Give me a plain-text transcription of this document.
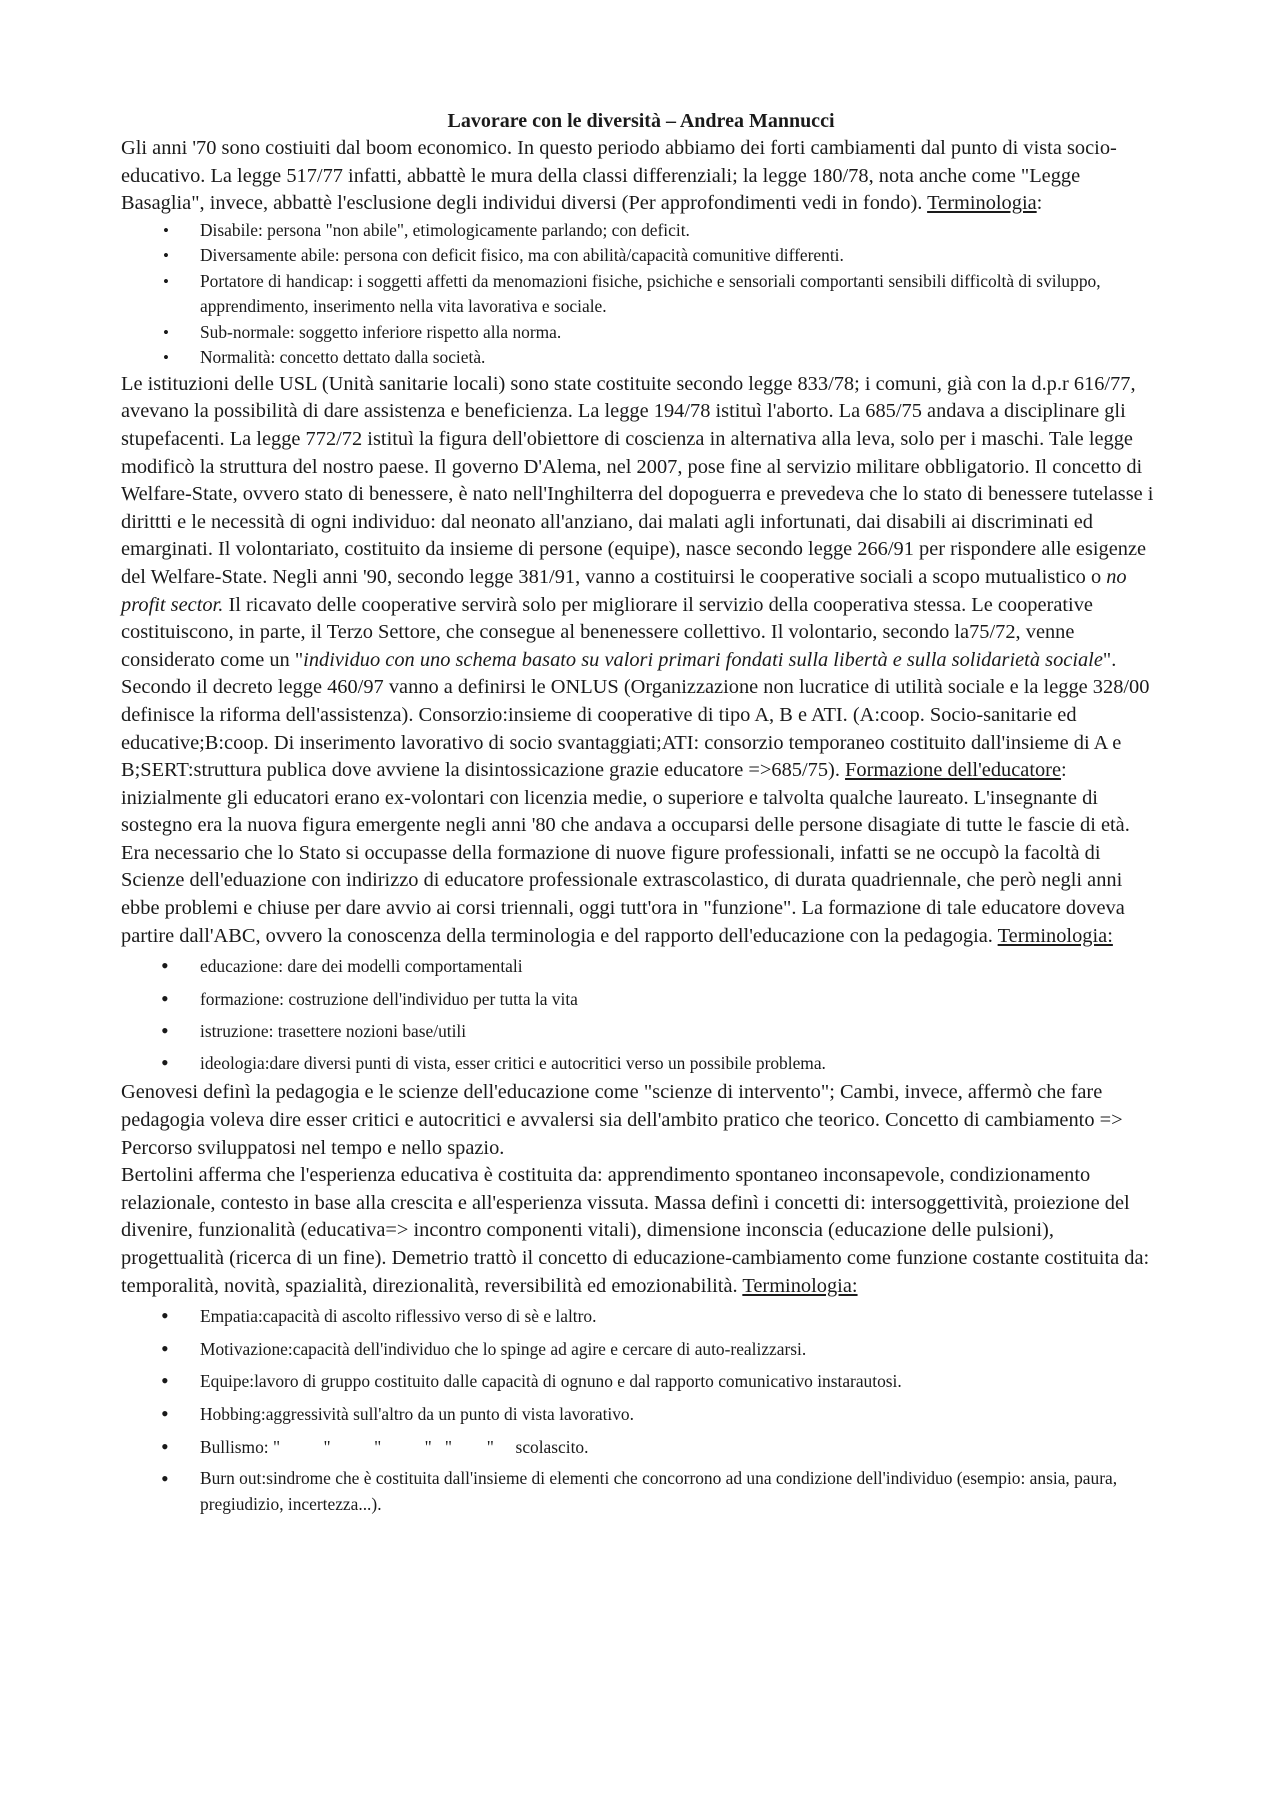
Lavorare con le diversità – Andrea Mannucci

Gli anni '70 sono costiuiti dal boom economico. In questo periodo abbiamo dei forti cambiamenti dal punto di vista socio-educativo. La legge 517/77 infatti, abbattè le mura della classi differenziali; la legge 180/78, nota anche come "Legge Basaglia", invece, abbattè l'esclusione degli individui diversi (Per approfondimenti vedi in fondo). Terminologia:

• Disabile: persona "non abile", etimologicamente parlando; con deficit.
• Diversamente abile: persona con deficit fisico, ma con abilità/capacità comunitive differenti.
• Portatore di handicap: i soggetti affetti da menomazioni fisiche, psichiche e sensoriali comportanti sensibili difficoltà di sviluppo, apprendimento, inserimento nella vita lavorativa e sociale.
• Sub-normale: soggetto inferiore rispetto alla norma.
• Normalità: concetto dettato dalla società.

Le istituzioni delle USL (Unità sanitarie locali) sono state costituite secondo legge 833/78; i comuni, già con la d.p.r 616/77, avevano la possibilità di dare assistenza e beneficienza. La legge 194/78 istituì l'aborto. La 685/75 andava a disciplinare gli stupefacenti. La legge 772/72 istituì la figura dell'obiettore di coscienza in alternativa alla leva, solo per i maschi. Tale legge modificò la struttura del nostro paese. Il governo D'Alema, nel 2007, pose fine al servizio militare obbligatorio. Il concetto di Welfare-State, ovvero stato di benessere, è nato nell'Inghilterra del dopoguerra e prevedeva che lo stato di benessere tutelasse i dirittti e le necessità di ogni individuo: dal neonato all'anziano, dai malati agli infortunati, dai disabili ai discriminati ed emarginati. Il volontariato, costituito da insieme di persone (equipe), nasce secondo legge 266/91 per rispondere alle esigenze del Welfare-State. Negli anni '90, secondo legge 381/91, vanno a costituirsi le cooperative sociali a scopo mutualistico o no profit sector. Il ricavato delle cooperative servirà solo per migliorare il servizio della cooperativa stessa. Le cooperative costituiscono, in parte, il Terzo Settore, che consegue al benenessere collettivo. Il volontario, secondo la75/72, venne considerato come un "individuo con uno schema basato su valori primari fondati sulla libertà e sulla solidarietà sociale". Secondo il decreto legge 460/97 vanno a definirsi le ONLUS (Organizzazione non lucratice di utilità sociale e la legge 328/00 definisce la riforma dell'assistenza). Consorzio:insieme di cooperative di tipo A, B e ATI. (A:coop. Socio-sanitarie ed educative;B:coop. Di inserimento lavorativo di socio svantaggiati;ATI: consorzio temporaneo costituito dall'insieme di A e B;SERT:struttura publica dove avviene la disintossicazione grazie educatore =>685/75). Formazione dell'educatore: inizialmente gli educatori erano ex-volontari con licenzia medie, o superiore e talvolta qualche laureato. L'insegnante di sostegno era la nuova figura emergente negli anni '80 che andava a occuparsi delle persone disagiate di tutte le fascie di età.

Era necessario che lo Stato si occupasse della formazione di nuove figure professionali, infatti se ne occupò la facoltà di Scienze dell'eduazione con indirizzo di educatore professionale extrascolastico, di durata quadriennale, che però negli anni ebbe problemi e chiuse per dare avvio ai corsi triennali, oggi tutt'ora in "funzione". La formazione di tale educatore doveva partire dall'ABC, ovvero la conoscenza della terminologia e del rapporto dell'educazione con la pedagogia. Terminologia:

• educazione: dare dei modelli comportamentali
• formazione: costruzione dell'individuo per tutta la vita
• istruzione: trasettere nozioni base/utili
• ideologia:dare diversi punti di vista, esser critici e autocritici verso un possibile problema.

Genovesi definì la pedagogia e le scienze dell'educazione come "scienze di intervento"; Cambi, invece, affermò che fare pedagogia voleva dire esser critici e autocritici e avvalersi sia dell'ambito pratico che teorico. Concetto di cambiamento => Percorso sviluppatosi nel tempo e nello spazio.

Bertolini afferma che l'esperienza educativa è costituita da: apprendimento spontaneo inconsapevole, condizionamento relazionale, contesto in base alla crescita e all'esperienza vissuta. Massa definì i concetti di: intersoggettività, proiezione del divenire, funzionalità (educativa=> incontro componenti vitali), dimensione inconscia (educazione delle pulsioni), progettualità (ricerca di un fine). Demetrio trattò il concetto di educazione-cambiamento come funzione costante costituita da: temporalità, novità, spazialità, direzionalità, reversibilità ed emozionabilità. Terminologia:

• Empatia:capacità di ascolto riflessivo verso di sè e laltro.
• Motivazione:capacità dell'individuo che lo spinge ad agire e cercare di auto-realizzarsi.
• Equipe:lavoro di gruppo costituito dalle capacità di ognuno e dal rapporto comunicativo instarautosi.
• Hobbing:aggressività sull'altro da un punto di vista lavorativo.
• Bullismo: "          "          "          "   "        "     scolascito.
• Burn out:sindrome che è costituita dall'insieme di elementi che concorrono ad una condizione dell'individuo (esempio: ansia, paura, pregiudizio, incertezza...).
